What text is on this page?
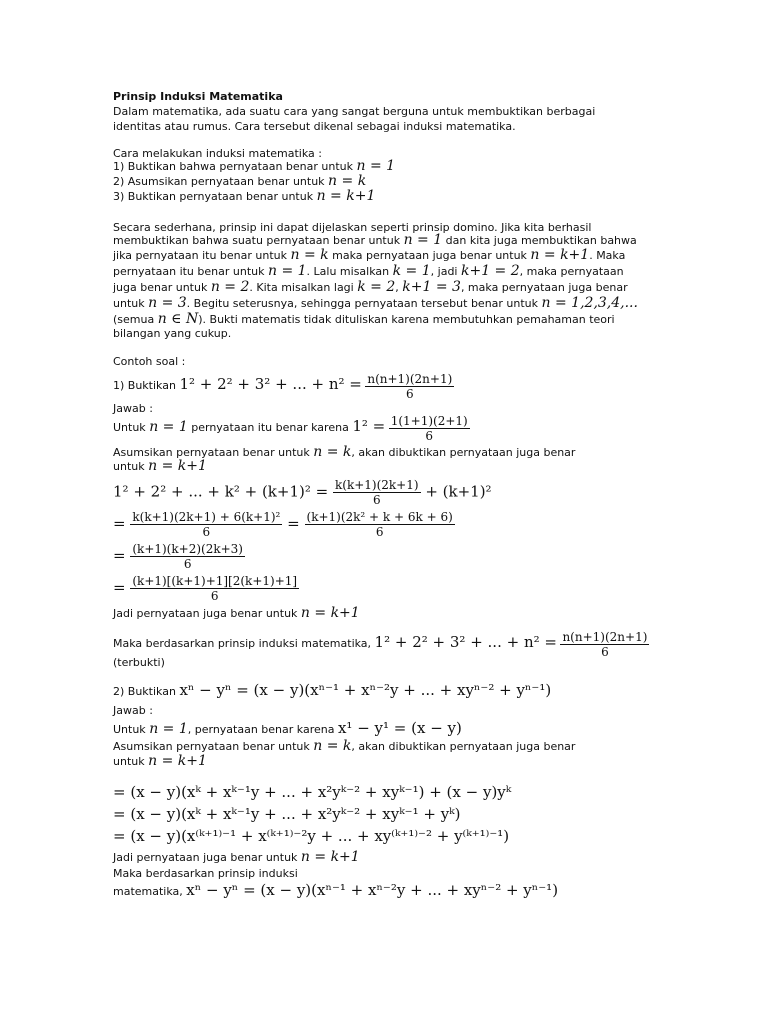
Prinsip Induksi Matematika
Dalam matematika, ada suatu cara yang sangat berguna untuk membuktikan berbagai
identitas atau rumus. Cara tersebut dikenal sebagai induksi matematika.
Cara melakukan induksi matematika :
1) Buktikan bahwa pernyataan benar untuk n = 1
2) Asumsikan pernyataan benar untuk n = k
3) Buktikan pernyataan benar untuk n = k+1
Secara sederhana, prinsip ini dapat dijelaskan seperti prinsip domino. Jika kita berhasil
membuktikan bahwa suatu pernyataan benar untuk n = 1 dan kita juga membuktikan bahwa
jika pernyataan itu benar untuk n = k maka pernyataan juga benar untuk n = k+1. Maka
pernyataan itu benar untuk n = 1. Lalu misalkan k = 1, jadi k+1 = 2, maka pernyataan
juga benar untuk n = 2. Kita misalkan lagi k = 2, k+1 = 3, maka pernyataan juga benar
untuk n = 3. Begitu seterusnya, sehingga pernyataan tersebut benar untuk n = 1,2,3,4,...
(semua n ∈ N). Bukti matematis tidak dituliskan karena membutuhkan pemahaman teori
bilangan yang cukup.
Contoh soal :
1) Buktikan 1² + 2² + 3² + ... + $n^2 = \frac{n(n+1)(2n+1)}{6}$
Jawab :
Untuk n = 1 pernyataan itu benar karena $1^2 = \frac{1(1+1)(2+1)}{6}$
Asumsikan pernyataan benar untuk n = k, akan dibuktikan pernyataan juga benar
untuk n = k+1
1² + 2² + ... + $k^2 + (k+1)^2 = \frac{k(k+1)(2k+1)}{6} + (k+1)^2$
= $\frac{\text{k(k+1)(2k+1) + 6(k+1)²}}{6} = \frac{\text{(k+1)(2k² + k + 6k + 6)}}{6}$
= $\frac{(k+1)(k+2)(2k+3)}{6}$
= $\frac{(k+1)[(k+1)+1][2(k+1)+1]}{6}$
Jadi pernyataan juga benar untuk n = k+1
Maka berdasarkan prinsip induksi matematika, 1² + 2² + 3² + ... + $n^2 = \frac{n(n+1)(2n+1)}{6}$
(terbukti)
2) Buktikan xⁿ − yⁿ = (x − y)(xⁿ⁻¹ + xⁿ⁻²y + ... + xyⁿ⁻² + yⁿ⁻¹)
Jawab :
Untuk n = 1, pernyataan benar karena x¹ − y¹ = (x − y)
Asumsikan pernyataan benar untuk n = k, akan dibuktikan pernyataan juga benar
untuk n = k+1
= (x − y)(xᵏ + xᵏ⁻¹y + ... + x²yᵏ⁻² + xyᵏ⁻¹) + (x − y)yᵏ
= (x − y)(xᵏ + xᵏ⁻¹y + ... + x²yᵏ⁻² + xyᵏ⁻¹ + yᵏ)
= (x − y)(x⁽ᵏ⁺¹⁾⁻¹ + x⁽ᵏ⁺¹⁾⁻²y + ... + xy⁽ᵏ⁺¹⁾⁻² + y⁽ᵏ⁺¹⁾⁻¹)
Jadi pernyataan juga benar untuk n = k+1
Maka berdasarkan prinsip induksi
matematika, xⁿ − yⁿ = (x − y)(xⁿ⁻¹ + xⁿ⁻²y + ... + xyⁿ⁻² + yⁿ⁻¹)
